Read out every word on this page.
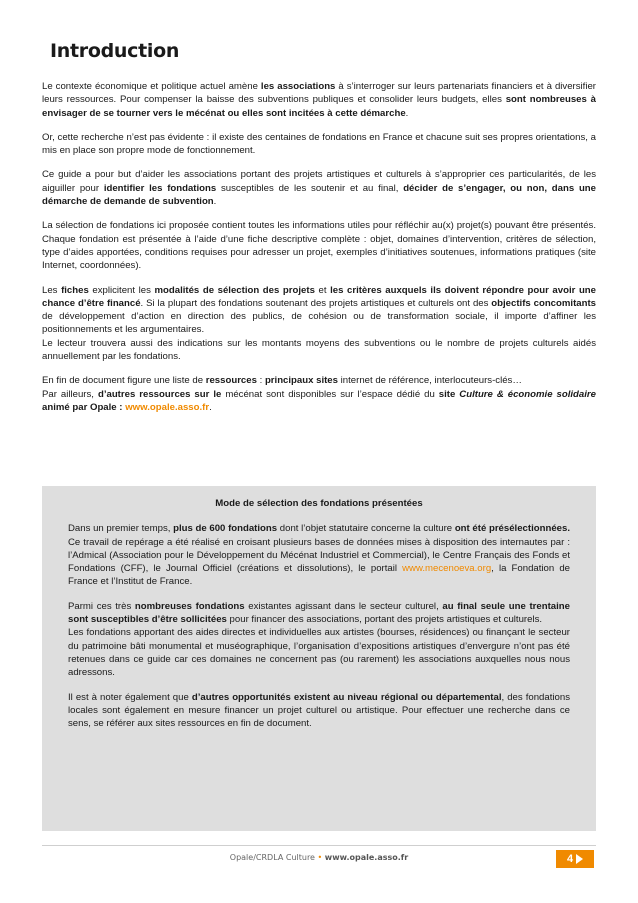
Introduction

Le contexte économique et politique actuel amène les associations à s’interroger sur leurs partenariats financiers et à diversifier leurs ressources. Pour compenser la baisse des subventions publiques et consolider leurs budgets, elles sont nombreuses à envisager de se tourner vers le mécénat ou elles sont incitées à cette démarche.

Or, cette recherche n’est pas évidente : il existe des centaines de fondations en France et chacune suit ses propres orientations, a mis en place son propre mode de fonctionnement.

Ce guide a pour but d’aider les associations portant des projets artistiques et culturels à s’approprier ces particularités, de les aiguiller pour identifier les fondations susceptibles de les soutenir et au final, décider de s’engager, ou non, dans une démarche de demande de subvention.

La sélection de fondations ici proposée contient toutes les informations utiles pour réfléchir au(x) projet(s) pouvant être présentés. Chaque fondation est présentée à l’aide d’une fiche descriptive complète : objet, domaines d’intervention, critères de sélection, type d’aides apportées, conditions requises pour adresser un projet, exemples d’initiatives soutenues, informations pratiques (site Internet, coordonnées).

Les fiches explicitent les modalités de sélection des projets et les critères auxquels ils doivent répondre pour avoir une chance d’être financé. Si la plupart des fondations soutenant des projets artistiques et culturels ont des objectifs concomitants de développement d’action en direction des publics, de cohésion ou de transformation sociale, il importe d’affiner les positionnements et les argumentaires.
Le lecteur trouvera aussi des indications sur les montants moyens des subventions ou le nombre de projets culturels aidés annuellement par les fondations.

En fin de document figure une liste de ressources : principaux sites internet de référence, interlocuteurs-clés…
Par ailleurs, d’autres ressources sur le mécénat sont disponibles sur l’espace dédié du site Culture & économie solidaire animé par Opale : www.opale.asso.fr.

Mode de sélection des fondations présentées

Dans un premier temps, plus de 600 fondations dont l’objet statutaire concerne la culture ont été présélectionnées. Ce travail de repérage a été réalisé en croisant plusieurs bases de données mises à disposition des internautes par : l’Admical (Association pour le Développement du Mécénat Industriel et Commercial), le Centre Français des Fonds et Fondations (CFF), le Journal Officiel (créations et dissolutions), le portail www.mecenoeva.org, la Fondation de France et l’Institut de France.

Parmi ces très nombreuses fondations existantes agissant dans le secteur culturel, au final seule une trentaine sont susceptibles d’être sollicitées pour financer des associations, portant des projets artistiques et culturels.
Les fondations apportant des aides directes et individuelles aux artistes (bourses, résidences) ou finançant le secteur du patrimoine bâti monumental et muséographique, l’organisation d’expositions artistiques d’envergure n’ont pas été retenues dans ce guide car ces domaines ne concernent pas (ou rarement) les associations auxquelles nous nous adressons.

Il est à noter également que d’autres opportunités existent au niveau régional ou départemental, des fondations locales sont également en mesure financer un projet culturel ou artistique. Pour effectuer une recherche dans ce sens, se référer aux sites ressources en fin de document.

Opale/CRDLA Culture • www.opale.asso.fr	4
